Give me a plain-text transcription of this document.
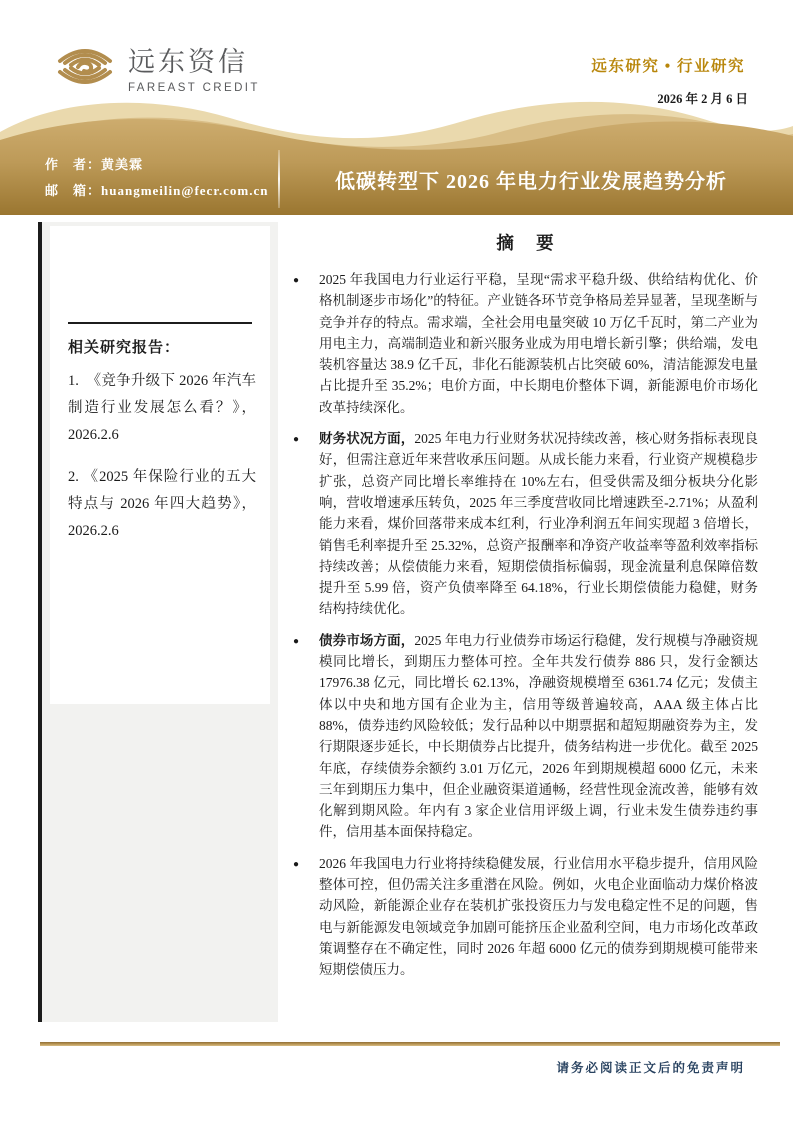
远东资信
FAREAST CREDIT
远东研究 • 行业研究
2026 年 2 月 6 日
作　者：黄美霖
邮　箱：huangmeilin@fecr.com.cn	低碳转型下 2026 年电力行业发展趋势分析
相关研究报告：

1.　《竞争升级下 2026 年汽车制造行业发展怎么看？》，2026.2.6

2. 《2025 年保险行业的五大特点与 2026 年四大趋势》，2026.2.6

摘 要
● 2025 年我国电力行业运行平稳，呈现“需求平稳升级、供给结构优化、价格机制逐步市场化”的特征。产业链各环节竞争格局差异显著，呈现垄断与竞争并存的特点。需求端，全社会用电量突破 10 万亿千瓦时，第二产业为用电主力，高端制造业和新兴服务业成为用电增长新引擎；供给端，发电装机容量达 38.9 亿千瓦，非化石能源装机占比突破 60%，清洁能源发电量占比提升至 35.2%；电价方面，中长期电价整体下调，新能源电价市场化改革持续深化。
● 财务状况方面，2025 年电力行业财务状况持续改善，核心财务指标表现良好，但需注意近年来营收承压问题。从成长能力来看，行业资产规模稳步扩张，总资产同比增长率维持在 10%左右，但受供需及细分板块分化影响，营收增速承压转负，2025 年三季度营收同比增速跌至-2.71%；从盈利能力来看，煤价回落带来成本红利，行业净利润五年间实现超 3 倍增长，销售毛利率提升至 25.32%，总资产报酬率和净资产收益率等盈利效率指标持续改善；从偿债能力来看，短期偿债指标偏弱，现金流量利息保障倍数提升至 5.99 倍，资产负债率降至 64.18%，行业长期偿债能力稳健，财务结构持续优化。
● 债券市场方面，2025 年电力行业债券市场运行稳健，发行规模与净融资规模同比增长，到期压力整体可控。全年共发行债券 886 只，发行金额达 17976.38 亿元，同比增长 62.13%，净融资规模增至 6361.74 亿元；发债主体以中央和地方国有企业为主，信用等级普遍较高，AAA 级主体占比 88%，债券违约风险较低；发行品种以中期票据和超短期融资券为主，发行期限逐步延长，中长期债券占比提升，债务结构进一步优化。截至 2025 年底，存续债券余额约 3.01 万亿元，2026 年到期规模超 6000 亿元，未来三年到期压力集中，但企业融资渠道通畅，经营性现金流改善，能够有效化解到期风险。年内有 3 家企业信用评级上调，行业未发生债券违约事件，信用基本面保持稳定。
● 2026 年我国电力行业将持续稳健发展，行业信用水平稳步提升，信用风险整体可控，但仍需关注多重潜在风险。例如，火电企业面临动力煤价格波动风险，新能源企业存在装机扩张投资压力与发电稳定性不足的问题，售电与新能源发电领域竞争加剧可能挤压企业盈利空间，电力市场化改革政策调整存在不确定性，同时 2026 年超 6000 亿元的债券到期规模可能带来短期偿债压力。
请务必阅读正文后的免责声明
